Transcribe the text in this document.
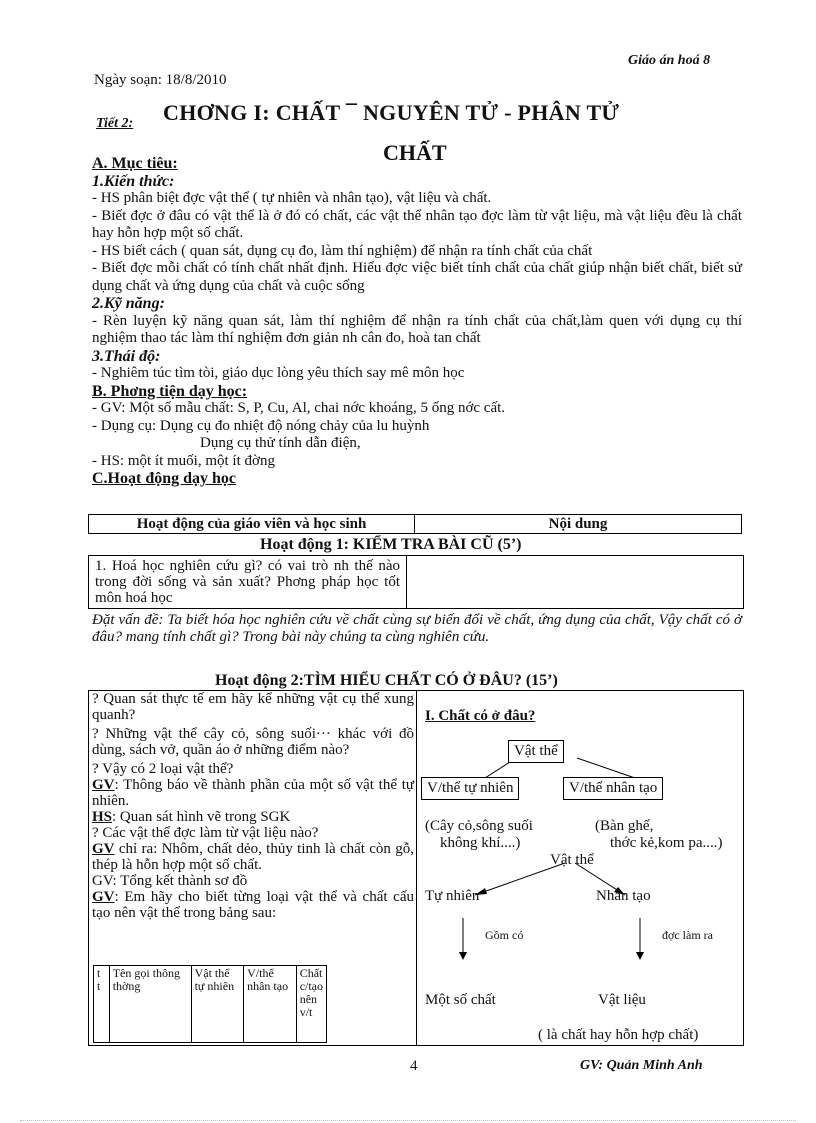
Giáo án hoá 8
Ngày soạn: 18/8/2010
Tiết 2: CHƠNG I: CHẤT ¯ NGUYÊN TỬ - PHÂN TỬ
CHẤT

A. Mục tiêu:

1.Kiến thức:

- HS phân biệt đợc vật thể ( tự nhiên và nhân tạo), vật liệu và chất.

- Biết đợc ở đâu có vật thể là ở đó có chất, các vật thể nhân tạo đợc làm từ vật liệu, mà vật liệu đều là chất hay hỗn hợp một số chất.

- HS biết cách ( quan sát, dụng cụ đo, làm thí nghiệm) để nhận ra tính chất của chất

- Biết đợc mỗi chất có tính chất nhất định. Hiểu đợc việc biết tính chất của chất giúp nhận biết chất, biết sử dụng chất và ứng dụng của chất và cuộc sống

2.Kỹ năng:

- Rèn luyện kỹ năng quan sát, làm thí nghiệm để nhận ra tính chất của chất,làm quen với dụng cụ thí nghiệm thao tác làm thí nghiệm đơn giản nh cân đo, hoà tan chất

3.Thái độ:

- Nghiêm túc tìm tòi, giáo dục lòng yêu thích say mê môn học

B. Phơng tiện dạy học:

- GV: Một số mẫu chất: S, P, Cu, Al, chai nớc khoáng, 5 ống nớc cất.

- Dụng cụ: Dụng cụ đo nhiệt độ nóng chảy của lu huỳnh

Dụng cụ thử tính dẫn điện,

- HS: một ít muối, một ít đờng

C.Hoạt động dạy học

Hoạt động của giáo viên và học sinh	Nội dung
Hoạt động 1: KIỂM TRA BÀI CŨ (5’)
1. Hoá học nghiên cứu gì? có vai trò nh thế nào trong đời sống và sản xuất? Phơng pháp học tốt môn hoá học
Đặt vấn đề: Ta biết hóa học nghiên cứu về chất cùng sự biến đổi về chất, ứng dụng của chất, Vậy chất có ở đâu? mang tính chất gì? Trong bài này chúng ta cùng nghiên cứu.
Hoạt động 2:TÌM HIỂU CHẤT CÓ Ở ĐÂU? (15’)

? Quan sát thực tế em hãy kể những vật cụ thể xung quanh?

? Những vật thể cây cỏ, sông suối··· khác với đồ dùng, sách vở, quần áo ở những điểm nào?

? Vậy có 2 loại vật thể?

GV: Thông báo về thành phần của một số vật thể tự nhiên.

HS: Quan sát hình vẽ trong SGK

? Các vật thể đợc làm từ vật liệu nào?

GV chỉ ra: Nhôm, chất dẻo, thủy tinh là chất còn gỗ, thép là hỗn hợp một số chất.

GV: Tổng kết thành sơ đồ

GV: Em hãy cho biết từng loại vật thể và chất cấu tạo nên vật thể trong bảng sau:

t t	Tên gọi thông thờng	Vật thể tự nhiên	V/thể nhân tạo	Chất c/tạo nên v/t
I. Chất có ở đâu?
Vật thể
V/thể tự nhiên	V/thể nhân tạo
(Cây cỏ,sông suối
không khí....)
(Bàn ghế,
thớc kẻ,kom pa....)
Vật thể
Tự nhiên	Nhân tạo
Gồm có	đợc làm ra
Một số chất	Vật liệu
( là chất hay hỗn hợp chất)
4	GV: Quản Minh Anh
